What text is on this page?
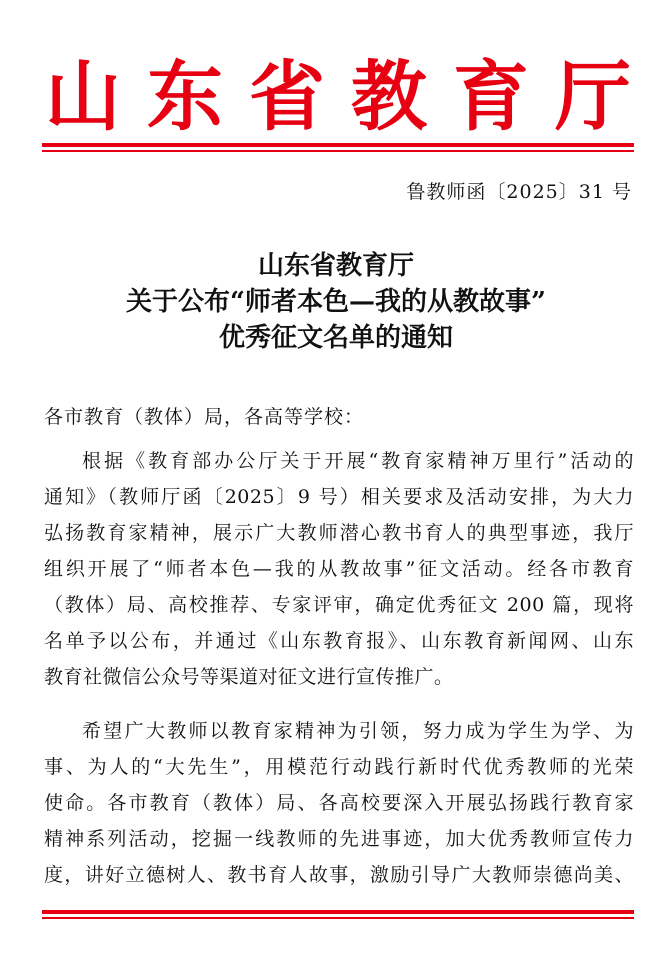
山 东 省 教 育 厅
鲁教师函〔2025〕31 号
山东省教育厅
关于公布“师者本色—我的从教故事”
优秀征文名单的通知
各市教育（教体）局，各高等学校：
根据《教育部办公厅关于开展“教育家精神万里行”活动的
通知》（教师厅函〔2025〕9 号）相关要求及活动安排，为大力
弘扬教育家精神，展示广大教师潜心教书育人的典型事迹，我厅
组织开展了“师者本色—我的从教故事”征文活动。经各市教育
（教体）局、高校推荐、专家评审，确定优秀征文 200 篇，现将
名单予以公布，并通过《山东教育报》、山东教育新闻网、山东
教育社微信公众号等渠道对征文进行宣传推广。
希望广大教师以教育家精神为引领，努力成为学生为学、为
事、为人的“大先生”，用模范行动践行新时代优秀教师的光荣
使命。各市教育（教体）局、各高校要深入开展弘扬践行教育家
精神系列活动，挖掘一线教师的先进事迹，加大优秀教师宣传力
度，讲好立德树人、教书育人故事，激励引导广大教师崇德尚美、
